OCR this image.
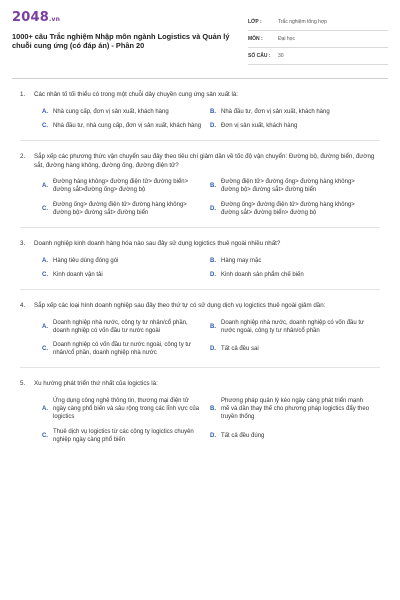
2048.vn
1000+ câu Trắc nghiệm Nhập môn ngành Logistics và Quản lý chuỗi cung ứng (có đáp án) - Phần 20
LỚP :	Trắc nghiệm tổng hợp
MÔN :	Đại học
SỐ CÂU :	30
1.	Các nhân tố tối thiểu có trong một chuỗi dây chuyền cung ứng sản xuất là:
A. Nhà cung cấp, đơn vị sản xuất, khách hàng	B. Nhà đầu tư, đơn vị sản xuất, khách hàng
C. Nhà đầu tư, nhà cung cấp, đơn vị sản xuất, khách hàng D. Đơn vị sản xuất, khách hàng
2.	Sắp xếp các phương thức vận chuyển sau đây theo tiêu chí giảm dần về tốc độ vận chuyển: Đường bộ, đường biển, đường sắt, đường hàng không, đường ống, đường điện tử?
A.
Đường hàng không> đường điện tử> đường biển> đường sắt>đường ống> đường bộ
B.
Đường điện tử> đường ống> đường hàng không> đường bộ> đường sắt> đường biển
C.
Đường ống> đường điện tử> đường hàng không> đường bộ> đường sắt> đường biển
D.
Đường ống> đường điện tử> đường hàng không> đường sắt> đường biển> đường bộ
3.	Doanh nghiệp kinh doanh hàng hóa nào sau đây sử dụng logictics thuê ngoài nhiều nhất?
A. Hàng tiêu dùng đóng gói	B. Hàng may mặc
C. Kinh doanh vận tải	D. Kinh doanh sản phẩm chế biến
4.	Sắp xếp các loại hình doanh nghiệp sau đây theo thứ tự có sử dụng dịch vụ logictics thuê ngoài giảm dần:
A.
Doanh nghiệp nhà nước, công ty tư nhân/cổ phần, doanh nghiệp có vốn đầu tư nước ngoài
B.
Doanh nghiệp nhà nước, doanh nghiệp có vốn đầu tư nước ngoài, công ty tư nhân/cổ phần
C.
Doanh nghiệp có vốn đầu tư nước ngoài, công ty tư nhân/cổ phần, doanh nghiệp nhà nước
D. Tất cả đều sai
5.	Xu hướng phát triển thứ nhất của logictics là:
A.
Ứng dụng công nghệ thông tin, thương mại điện tử ngày càng phổ biến và sâu rộng trong các lĩnh vực của logictics
B.
Phương pháp quản lý kéo ngày càng phát triển mạnh mẽ và dần thay thế cho phương pháp logictics đẩy theo truyền thống
C.
Thuê dịch vụ logictics từ các công ty logictics chuyên nghiệp ngày càng phổ biến
D. Tất cả đều đúng
